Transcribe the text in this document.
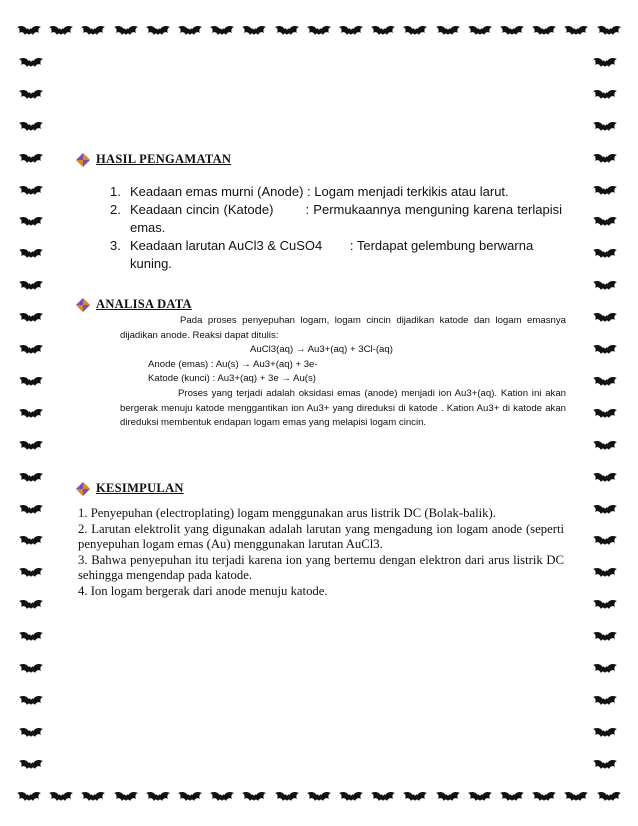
HASIL PENGAMATAN
1. Keadaan emas murni (Anode) : Logam menjadi terkikis atau larut.
2. Keadaan cincin (Katode) : Permukaannya menguning karena terlapisi emas.
3. Keadaan larutan AuCl3 & CuSO4 : Terdapat gelembung berwarna kuning.
ANALISA DATA

Pada proses penyepuhan logam, logam cincin dijadikan katode dan logam emasnya dijadikan anode. Reaksi dapat ditulis:

AuCl3(aq) → Au3+(aq) + 3Cl-(aq)

Anode (emas) : Au(s) → Au3+(aq) + 3e-

Katode (kunci) : Au3+(aq) + 3e → Au(s)

Proses yang terjadi adalah oksidasi emas (anode) menjadi ion Au3+(aq). Kation ini akan bergerak menuju katode menggantikan ion Au3+ yang direduksi di katode . Kation Au3+ di katode akan direduksi membentuk endapan logam emas yang melapisi logam cincin.

KESIMPULAN

1. Penyepuhan (electroplating) logam menggunakan arus listrik DC (Bolak-balik).

2. Larutan elektrolit yang digunakan adalah larutan yang mengadung ion logam anode (seperti penyepuhan logam emas (Au) menggunakan larutan AuCl3.

3. Bahwa penyepuhan itu terjadi karena ion yang bertemu dengan elektron dari arus listrik DC sehingga mengendap pada katode.

4. Ion logam bergerak dari anode menuju katode.
